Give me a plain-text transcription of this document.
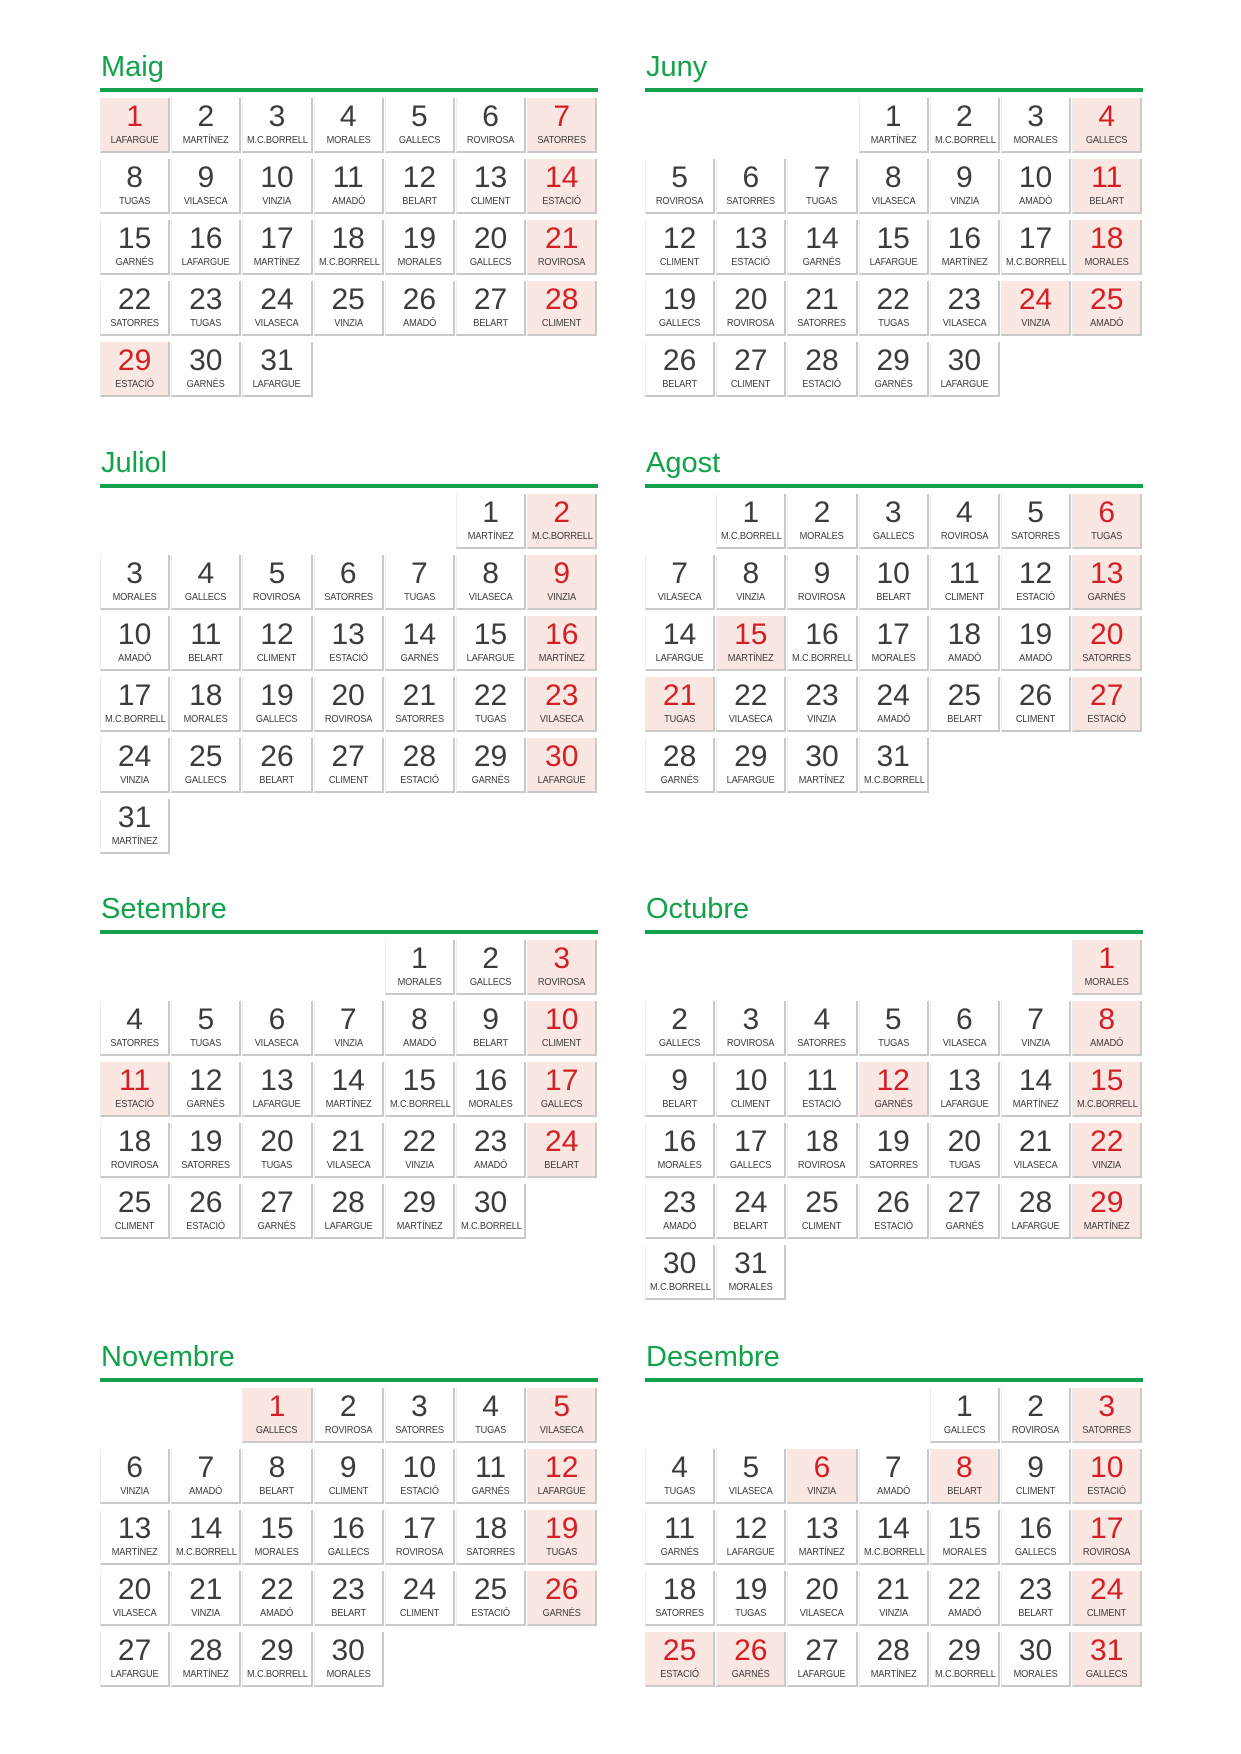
Maig
1
LAFARGUE
2
MARTÍNEZ
3
M.C.BORRELL
4
MORALES
5
GALLECS
6
ROVIROSA
7
SATORRES
8
TUGAS
9
VILASECA
10
VINZIA
11
AMADÓ
12
BELART
13
CLIMENT
14
ESTACIÓ
15
GARNÉS
16
LAFARGUE
17
MARTÍNEZ
18
M.C.BORRELL
19
MORALES
20
GALLECS
21
ROVIROSA
22
SATORRES
23
TUGAS
24
VILASECA
25
VINZIA
26
AMADÓ
27
BELART
28
CLIMENT
29
ESTACIÓ
30
GARNÉS
31
LAFARGUE
Juny
1
MARTÍNEZ
2
M.C.BORRELL
3
MORALES
4
GALLECS
5
ROVIROSA
6
SATORRES
7
TUGAS
8
VILASECA
9
VINZIA
10
AMADÓ
11
BELART
12
CLIMENT
13
ESTACIÓ
14
GARNÉS
15
LAFARGUE
16
MARTÍNEZ
17
M.C.BORRELL
18
MORALES
19
GALLECS
20
ROVIROSA
21
SATORRES
22
TUGAS
23
VILASECA
24
VINZIA
25
AMADÓ
26
BELART
27
CLIMENT
28
ESTACIÓ
29
GARNÉS
30
LAFARGUE
Juliol
1
MARTÍNEZ
2
M.C.BORRELL
3
MORALES
4
GALLECS
5
ROVIROSA
6
SATORRES
7
TUGAS
8
VILASECA
9
VINZIA
10
AMADÓ
11
BELART
12
CLIMENT
13
ESTACIÓ
14
GARNÉS
15
LAFARGUE
16
MARTÍNEZ
17
M.C.BORRELL
18
MORALES
19
GALLECS
20
ROVIROSA
21
SATORRES
22
TUGAS
23
VILASECA
24
VINZIA
25
GALLECS
26
BELART
27
CLIMENT
28
ESTACIÓ
29
GARNÉS
30
LAFARGUE
31
MARTÍNEZ
Agost
1
M.C.BORRELL
2
MORALES
3
GALLECS
4
ROVIROSA
5
SATORRES
6
TUGAS
7
VILASECA
8
VINZIA
9
ROVIROSA
10
BELART
11
CLIMENT
12
ESTACIÓ
13
GARNÉS
14
LAFARGUE
15
MARTÍNEZ
16
M.C.BORRELL
17
MORALES
18
AMADÓ
19
AMADÓ
20
SATORRES
21
TUGAS
22
VILASECA
23
VINZIA
24
AMADÓ
25
BELART
26
CLIMENT
27
ESTACIÓ
28
GARNÉS
29
LAFARGUE
30
MARTÍNEZ
31
M.C.BORRELL
Setembre
1
MORALES
2
GALLECS
3
ROVIROSA
4
SATORRES
5
TUGAS
6
VILASECA
7
VINZIA
8
AMADÓ
9
BELART
10
CLIMENT
11
ESTACIÓ
12
GARNÉS
13
LAFARGUE
14
MARTÍNEZ
15
M.C.BORRELL
16
MORALES
17
GALLECS
18
ROVIROSA
19
SATORRES
20
TUGAS
21
VILASECA
22
VINZIA
23
AMADÓ
24
BELART
25
CLIMENT
26
ESTACIÓ
27
GARNÉS
28
LAFARGUE
29
MARTÍNEZ
30
M.C.BORRELL
Octubre
1
MORALES
2
GALLECS
3
ROVIROSA
4
SATORRES
5
TUGAS
6
VILASECA
7
VINZIA
8
AMADÓ
9
BELART
10
CLIMENT
11
ESTACIÓ
12
GARNÉS
13
LAFARGUE
14
MARTÍNEZ
15
M.C.BORRELL
16
MORALES
17
GALLECS
18
ROVIROSA
19
SATORRES
20
TUGAS
21
VILASECA
22
VINZIA
23
AMADÓ
24
BELART
25
CLIMENT
26
ESTACIÓ
27
GARNÉS
28
LAFARGUE
29
MARTÍNEZ
30
M.C.BORRELL
31
MORALES
Novembre
1
GALLECS
2
ROVIROSA
3
SATORRES
4
TUGAS
5
VILASECA
6
VINZIA
7
AMADÓ
8
BELART
9
CLIMENT
10
ESTACIÓ
11
GARNÉS
12
LAFARGUE
13
MARTÍNEZ
14
M.C.BORRELL
15
MORALES
16
GALLECS
17
ROVIROSA
18
SATORRES
19
TUGAS
20
VILASECA
21
VINZIA
22
AMADÓ
23
BELART
24
CLIMENT
25
ESTACIÓ
26
GARNÉS
27
LAFARGUE
28
MARTÍNEZ
29
M.C.BORRELL
30
MORALES
Desembre
1
GALLECS
2
ROVIROSA
3
SATORRES
4
TUGAS
5
VILASECA
6
VINZIA
7
AMADÓ
8
BELART
9
CLIMENT
10
ESTACIÓ
11
GARNÉS
12
LAFARGUE
13
MARTÍNEZ
14
M.C.BORRELL
15
MORALES
16
GALLECS
17
ROVIROSA
18
SATORRES
19
TUGAS
20
VILASECA
21
VINZIA
22
AMADÓ
23
BELART
24
CLIMENT
25
ESTACIÓ
26
GARNÉS
27
LAFARGUE
28
MARTÍNEZ
29
M.C.BORRELL
30
MORALES
31
GALLECS
